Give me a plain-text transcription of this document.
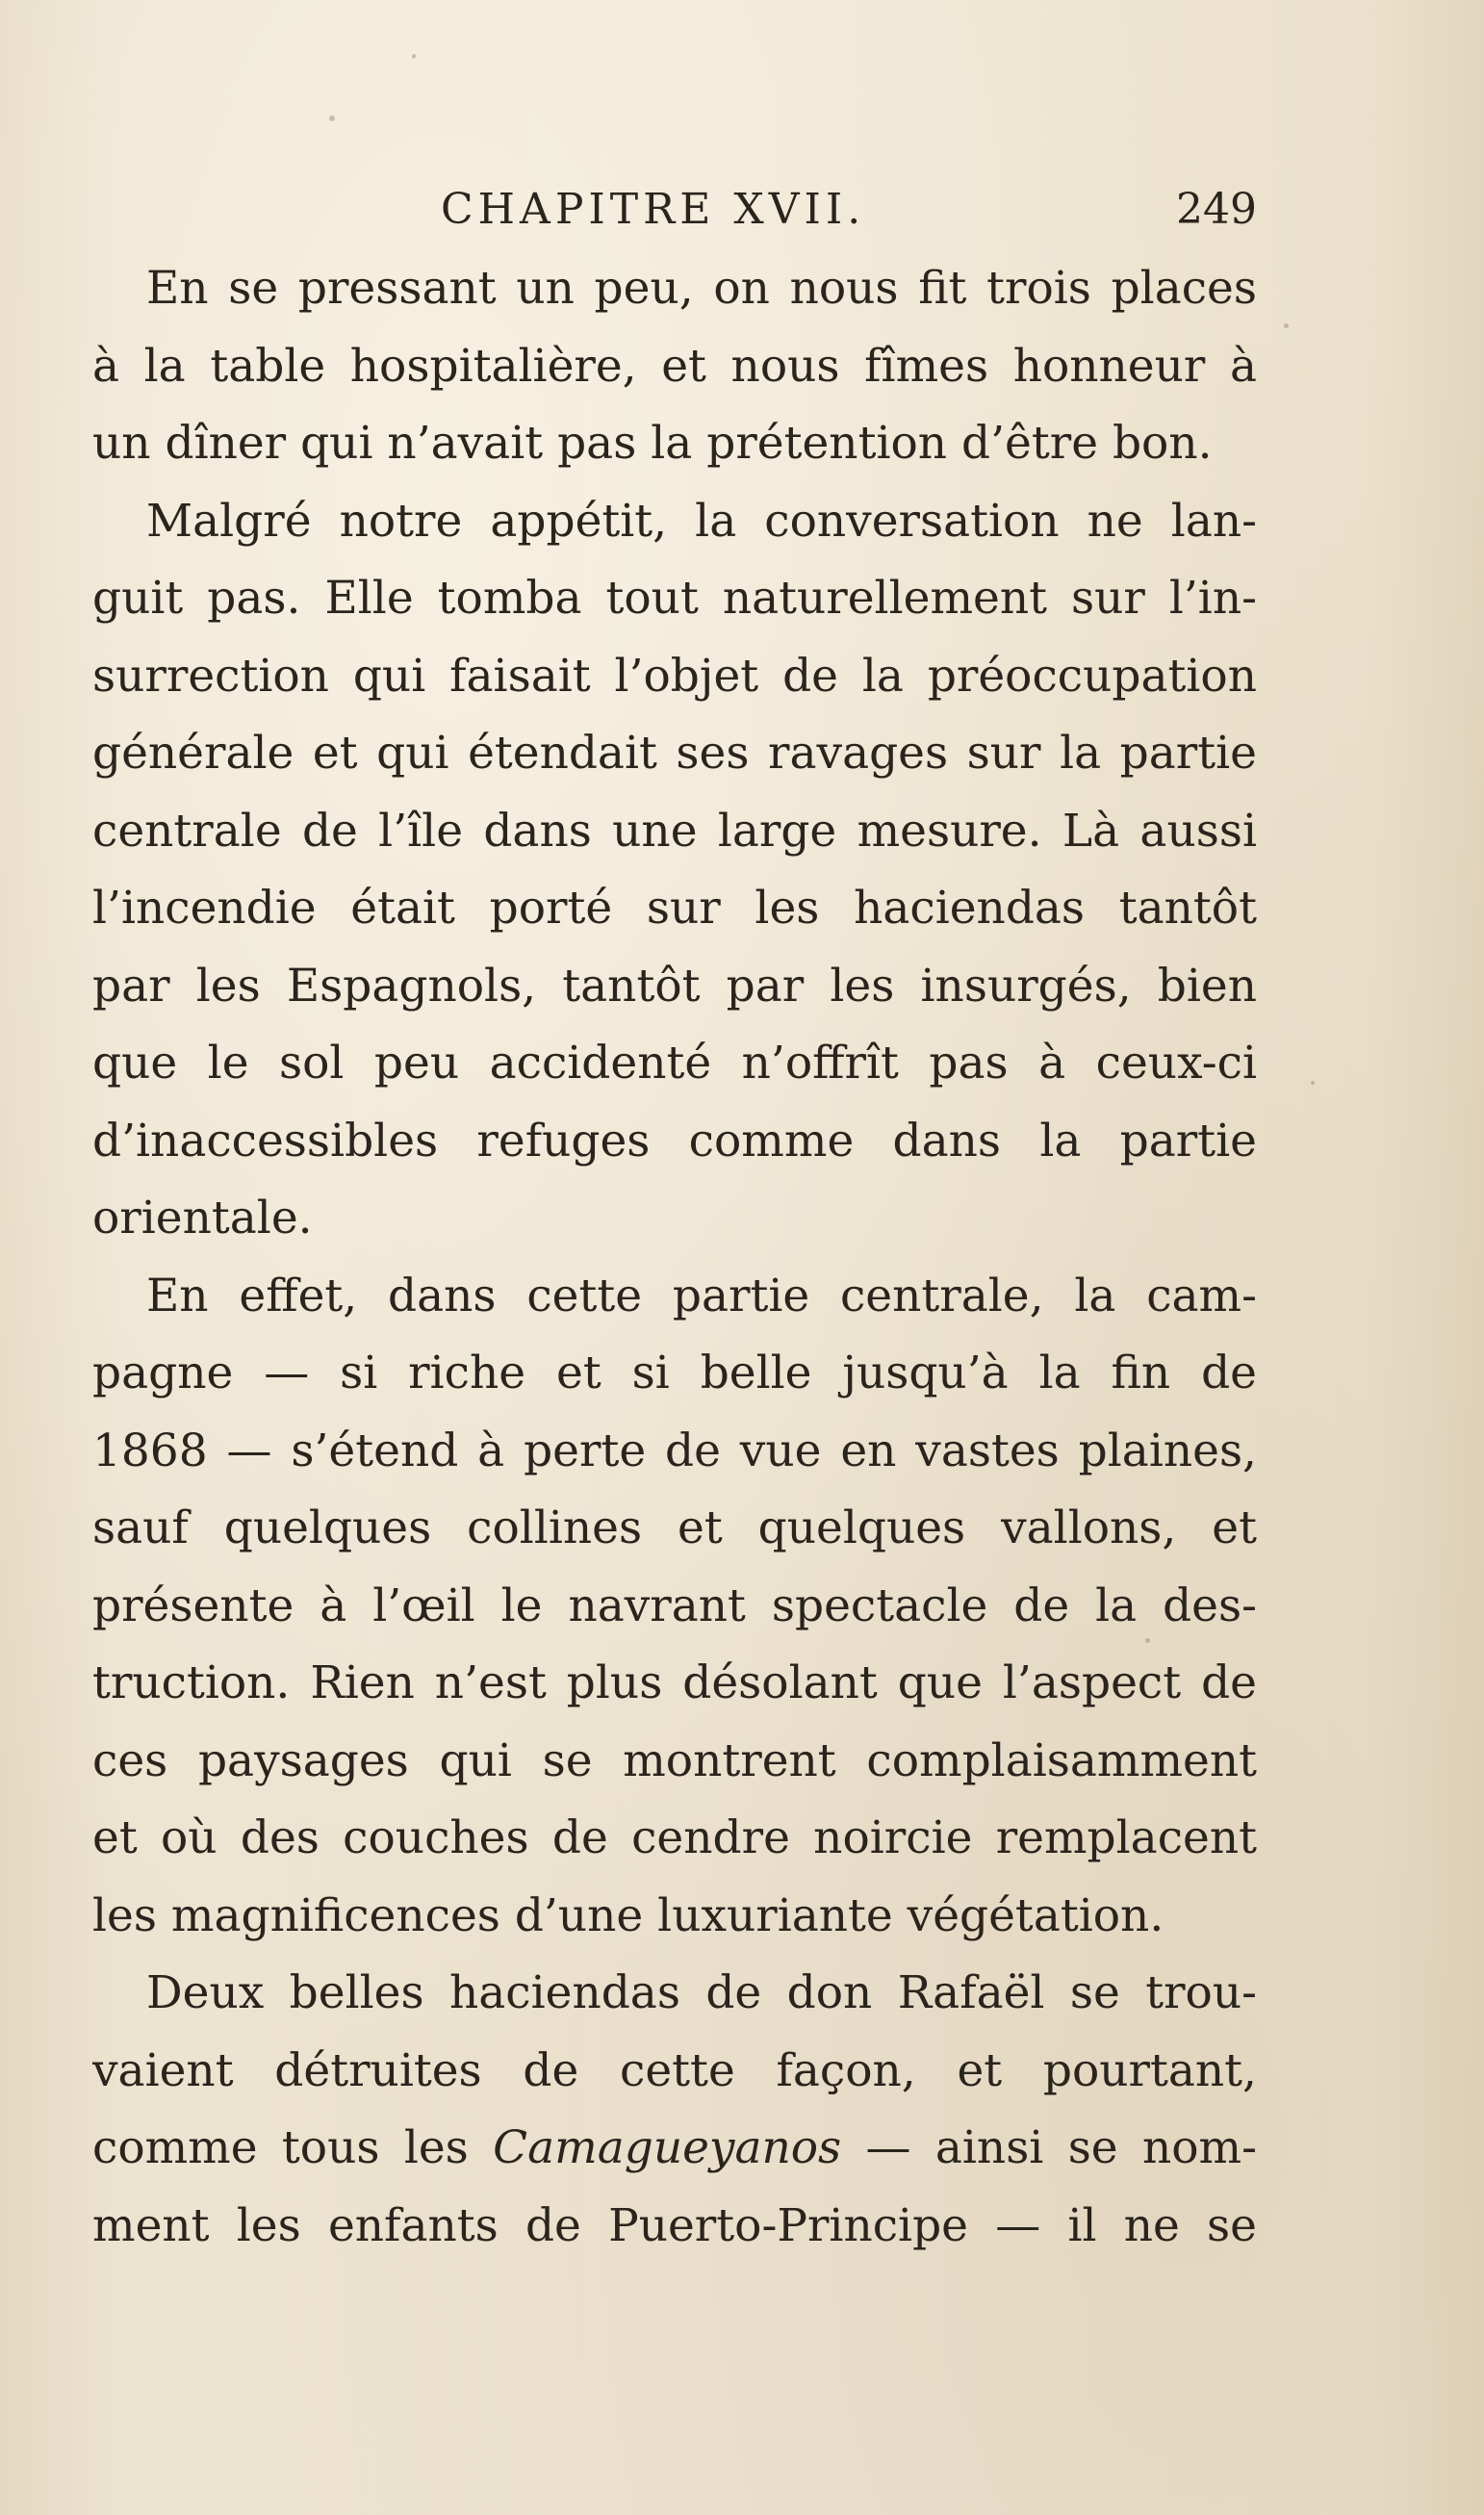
CHAPITRE XVII.	249
En se pressant un peu, on nous fit trois places
à la table hospitalière, et nous fîmes honneur à
un dîner qui n’avait pas la prétention d’être bon.
Malgré notre appétit, la conversation ne lan-
guit pas. Elle tomba tout naturellement sur l’in-
surrection qui faisait l’objet de la préoccupation
générale et qui étendait ses ravages sur la partie
centrale de l’île dans une large mesure. Là aussi
l’incendie était porté sur les haciendas tantôt
par les Espagnols, tantôt par les insurgés, bien
que le sol peu accidenté n’offrît pas à ceux-ci
d’inaccessibles refuges comme dans la partie
orientale.
En effet, dans cette partie centrale, la cam-
pagne — si riche et si belle jusqu’à la fin de
1868 — s’étend à perte de vue en vastes plaines,
sauf quelques collines et quelques vallons, et
présente à l’œil le navrant spectacle de la des-
truction. Rien n’est plus désolant que l’aspect de
ces paysages qui se montrent complaisamment
et où des couches de cendre noircie remplacent
les magnificences d’une luxuriante végétation.
Deux belles haciendas de don Rafaël se trou-
vaient détruites de cette façon, et pourtant,
comme tous les Camagueyanos — ainsi se nom-
ment les enfants de Puerto-Principe — il ne se
